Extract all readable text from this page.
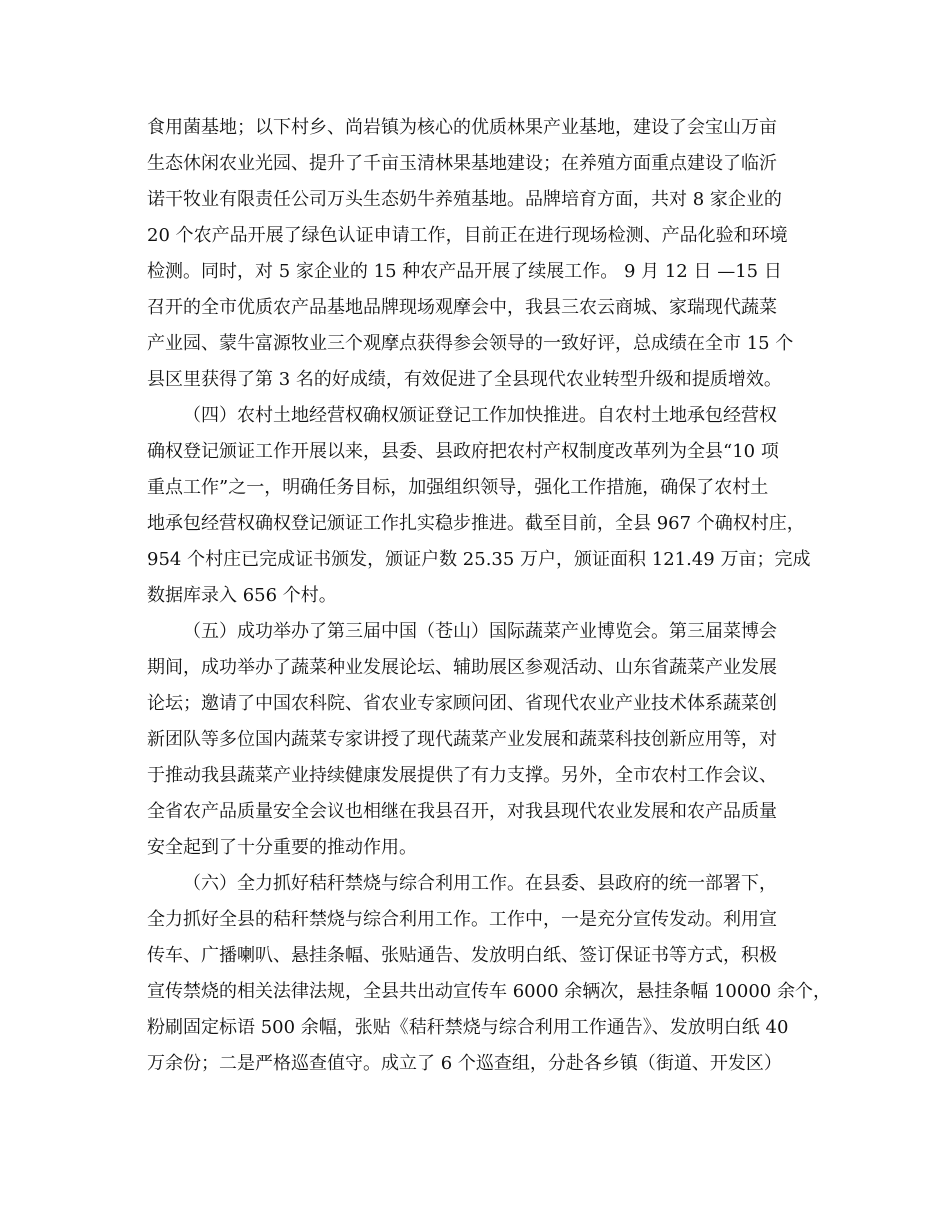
食用菌基地；以下村乡、尚岩镇为核心的优质林果产业基地，建设了会宝山万亩
生态休闲农业光园、提升了千亩玉清林果基地建设；在养殖方面重点建设了临沂
诺干牧业有限责任公司万头生态奶牛养殖基地。品牌培育方面，共对 8 家企业的
20 个农产品开展了绿色认证申请工作，目前正在进行现场检测、产品化验和环境
检测。同时，对 5 家企业的 15 种农产品开展了续展工作。 9 月 12 日 —15 日
召开的全市优质农产品基地品牌现场观摩会中，我县三农云商城、家瑞现代蔬菜
产业园、蒙牛富源牧业三个观摩点获得参会领导的一致好评，总成绩在全市 15 个
县区里获得了第 3 名的好成绩，有效促进了全县现代农业转型升级和提质增效。
（四）农村土地经营权确权颁证登记工作加快推进。自农村土地承包经营权
确权登记颁证工作开展以来，县委、县政府把农村产权制度改革列为全县“10 项
重点工作”之一，明确任务目标，加强组织领导，强化工作措施，确保了农村土
地承包经营权确权登记颁证工作扎实稳步推进。截至目前，全县 967 个确权村庄，
954 个村庄已完成证书颁发，颁证户数 25.35 万户，颁证面积 121.49 万亩；完成
数据库录入 656 个村。
（五）成功举办了第三届中国（苍山）国际蔬菜产业博览会。第三届菜博会
期间，成功举办了蔬菜种业发展论坛、辅助展区参观活动、山东省蔬菜产业发展
论坛；邀请了中国农科院、省农业专家顾问团、省现代农业产业技术体系蔬菜创
新团队等多位国内蔬菜专家讲授了现代蔬菜产业发展和蔬菜科技创新应用等，对
于推动我县蔬菜产业持续健康发展提供了有力支撑。另外，全市农村工作会议、
全省农产品质量安全会议也相继在我县召开，对我县现代农业发展和农产品质量
安全起到了十分重要的推动作用。
（六）全力抓好秸秆禁烧与综合利用工作。在县委、县政府的统一部署下，
全力抓好全县的秸秆禁烧与综合利用工作。工作中，一是充分宣传发动。利用宣
传车、广播喇叭、悬挂条幅、张贴通告、发放明白纸、签订保证书等方式，积极
宣传禁烧的相关法律法规，全县共出动宣传车 6000 余辆次，悬挂条幅 10000 余个，
粉刷固定标语 500 余幅，张贴《秸秆禁烧与综合利用工作通告》、发放明白纸 40
万余份；二是严格巡查值守。成立了 6 个巡查组，分赴各乡镇（街道、开发区）
